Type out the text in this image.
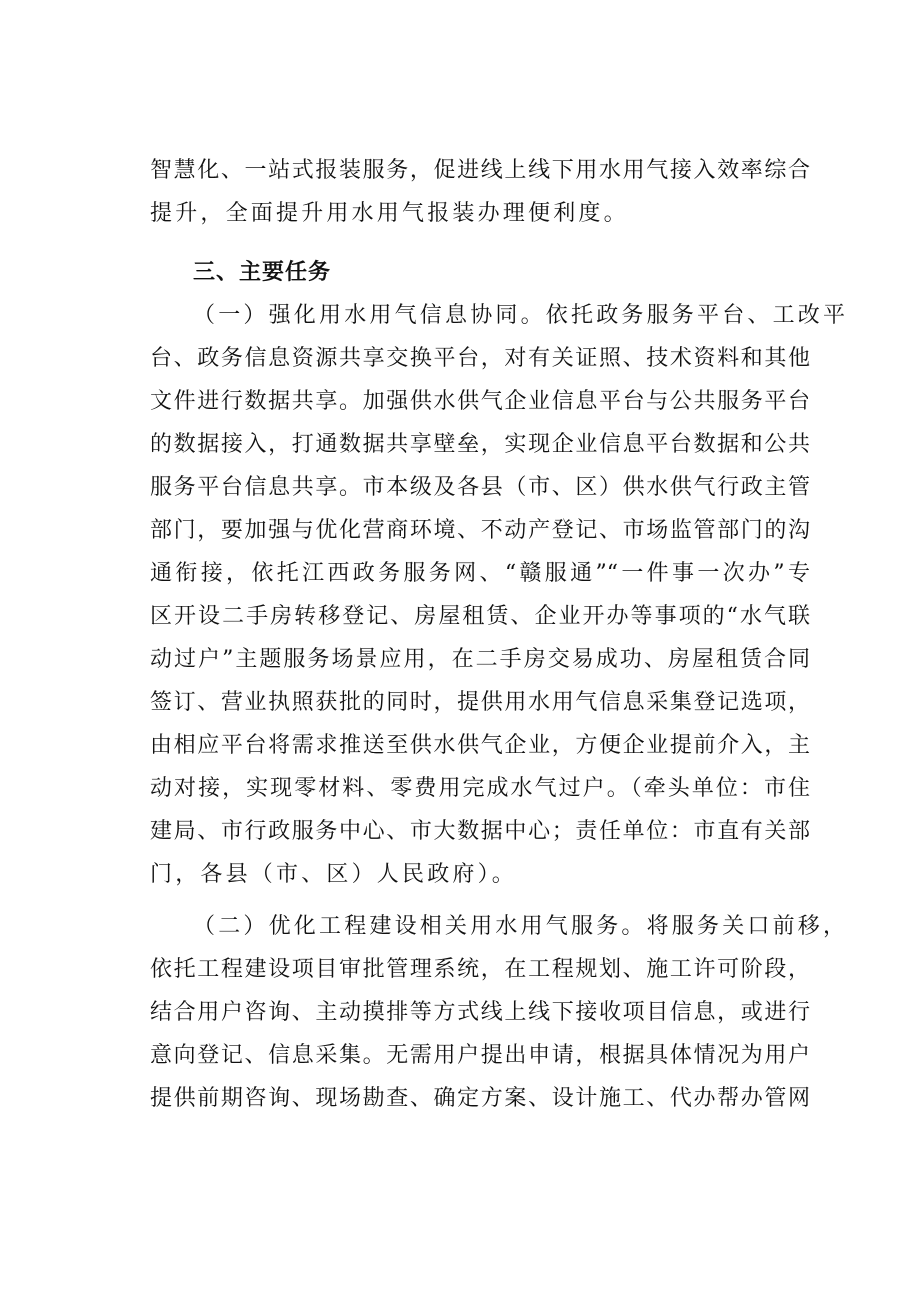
智慧化、一站式报装服务，促进线上线下用水用气接入效率综合
提升，全面提升用水用气报装办理便利度。
三、主要任务
（一）强化用水用气信息协同。依托政务服务平台、工改平
台、政务信息资源共享交换平台，对有关证照、技术资料和其他
文件进行数据共享。加强供水供气企业信息平台与公共服务平台
的数据接入，打通数据共享壁垒，实现企业信息平台数据和公共
服务平台信息共享。市本级及各县（市、区）供水供气行政主管
部门，要加强与优化营商环境、不动产登记、市场监管部门的沟
通衔接，依托江西政务服务网、“赣服通”“一件事一次办”专
区开设二手房转移登记、房屋租赁、企业开办等事项的“水气联
动过户”主题服务场景应用，在二手房交易成功、房屋租赁合同
签订、营业执照获批的同时，提供用水用气信息采集登记选项，
由相应平台将需求推送至供水供气企业，方便企业提前介入，主
动对接，实现零材料、零费用完成水气过户。（牵头单位：市住
建局、市行政服务中心、市大数据中心；责任单位：市直有关部
门，各县（市、区）人民政府）。
（二）优化工程建设相关用水用气服务。将服务关口前移，
依托工程建设项目审批管理系统，在工程规划、施工许可阶段，
结合用户咨询、主动摸排等方式线上线下接收项目信息，或进行
意向登记、信息采集。无需用户提出申请，根据具体情况为用户
提供前期咨询、现场勘查、确定方案、设计施工、代办帮办管网
